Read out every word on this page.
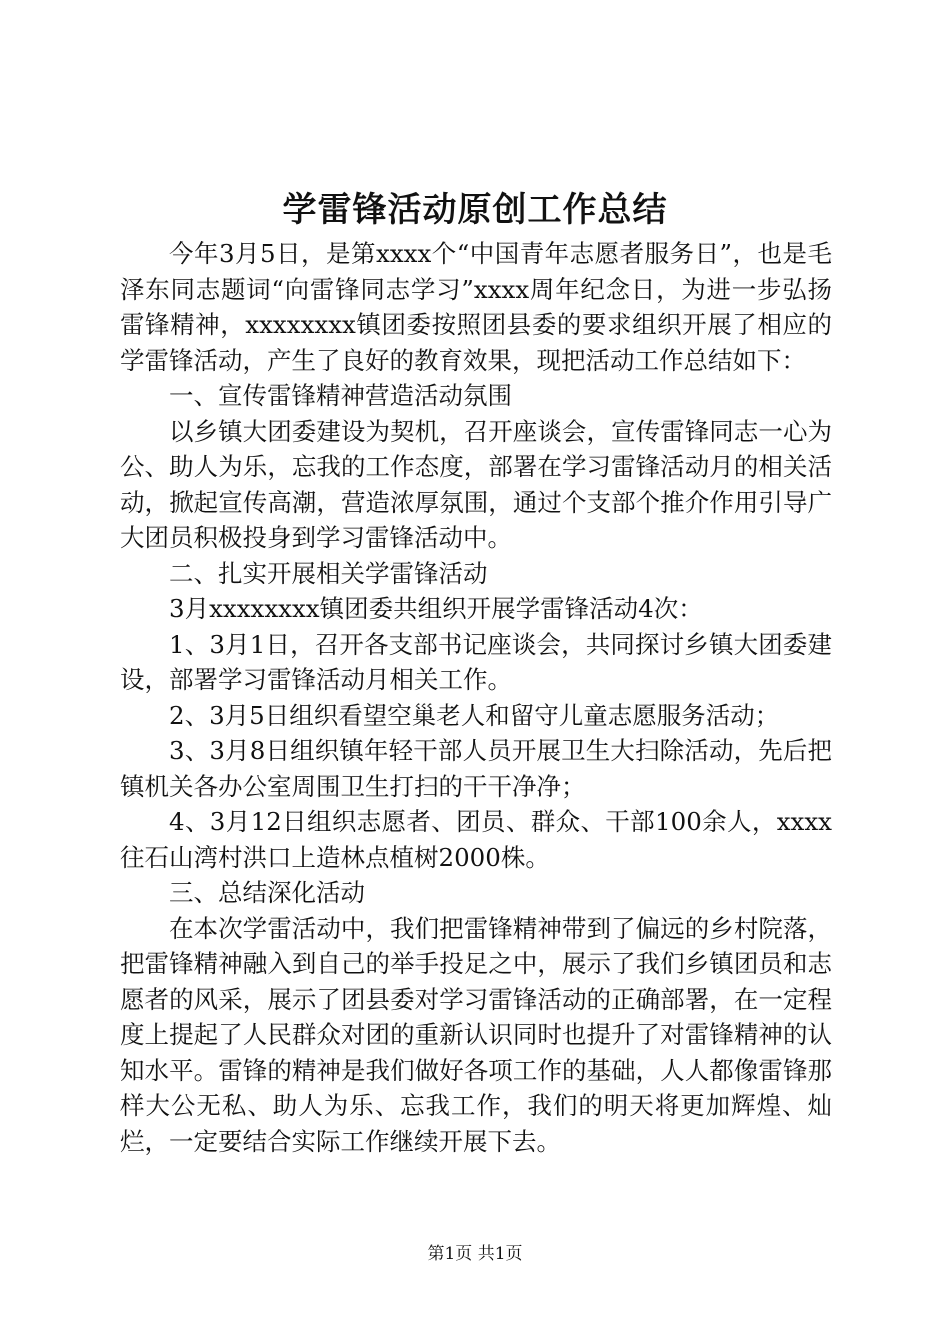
学雷锋活动原创工作总结

今年3月5日，是第xxxx个“中国青年志愿者服务日”，也是毛泽东同志题词“向雷锋同志学习”xxxx周年纪念日，为进一步弘扬雷锋精神，xxxxxxxx镇团委按照团县委的要求组织开展了相应的学雷锋活动，产生了良好的教育效果，现把活动工作总结如下：

一、宣传雷锋精神营造活动氛围

以乡镇大团委建设为契机，召开座谈会，宣传雷锋同志一心为公、助人为乐，忘我的工作态度，部署在学习雷锋活动月的相关活动，掀起宣传高潮，营造浓厚氛围，通过个支部个推介作用引导广大团员积极投身到学习雷锋活动中。

二、扎实开展相关学雷锋活动

3月xxxxxxxx镇团委共组织开展学雷锋活动4次：

1、3月1日，召开各支部书记座谈会，共同探讨乡镇大团委建设，部署学习雷锋活动月相关工作。

2、3月5日组织看望空巢老人和留守儿童志愿服务活动；

3、3月8日组织镇年轻干部人员开展卫生大扫除活动，先后把镇机关各办公室周围卫生打扫的干干净净；

4、3月12日组织志愿者、团员、群众、干部100余人，xxxx往石山湾村洪口上造林点植树2000株。

三、总结深化活动

在本次学雷活动中，我们把雷锋精神带到了偏远的乡村院落，把雷锋精神融入到自己的举手投足之中，展示了我们乡镇团员和志愿者的风采，展示了团县委对学习雷锋活动的正确部署，在一定程度上提起了人民群众对团的重新认识同时也提升了对雷锋精神的认知水平。雷锋的精神是我们做好各项工作的基础，人人都像雷锋那样大公无私、助人为乐、忘我工作，我们的明天将更加辉煌、灿烂，一定要结合实际工作继续开展下去。

第1页 共1页
